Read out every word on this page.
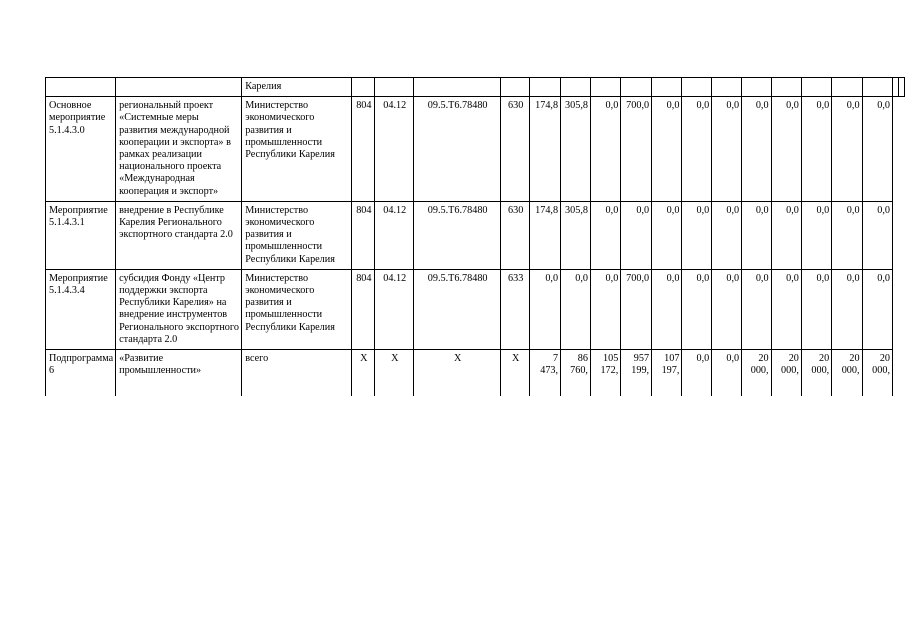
		Карелия																		
Основное мероприятие 5.1.4.3.0	региональный проект «Системные меры развития международной кооперации и экспорта» в рамках реализации национального проекта «Международная кооперация и экспорт»	Министерство экономического развития и промышленности Республики Карелия	804	04.12	09.5.Т6.78480	630	174,8	305,8	0,0	700,0	0,0	0,0	0,0	0,0	0,0	0,0	0,0	0,0		
Мероприятие 5.1.4.3.1	внедрение в Республике Карелия Регионального экспортного стандарта 2.0	Министерство экономического развития и промышленности Республики Карелия	804	04.12	09.5.Т6.78480	630	174,8	305,8	0,0	0,0	0,0	0,0	0,0	0,0	0,0	0,0	0,0	0,0		
Мероприятие 5.1.4.3.4	субсидия Фонду «Центр поддержки экспорта Республики Карелия» на внедрение инструментов Регионального экспортного стандарта 2.0	Министерство экономического развития и промышленности Республики Карелия	804	04.12	09.5.Т6.78480	633	0,0	0,0	0,0	700,0	0,0	0,0	0,0	0,0	0,0	0,0	0,0	0,0		
Подпрограмма 6	«Развитие промышленности»	всего	Х	Х	Х	Х	7 473,	86 760,	105 172,	957 199,	107 197,	0,0	0,0	20 000,	20 000,	20 000,	20 000,	20 000,		
